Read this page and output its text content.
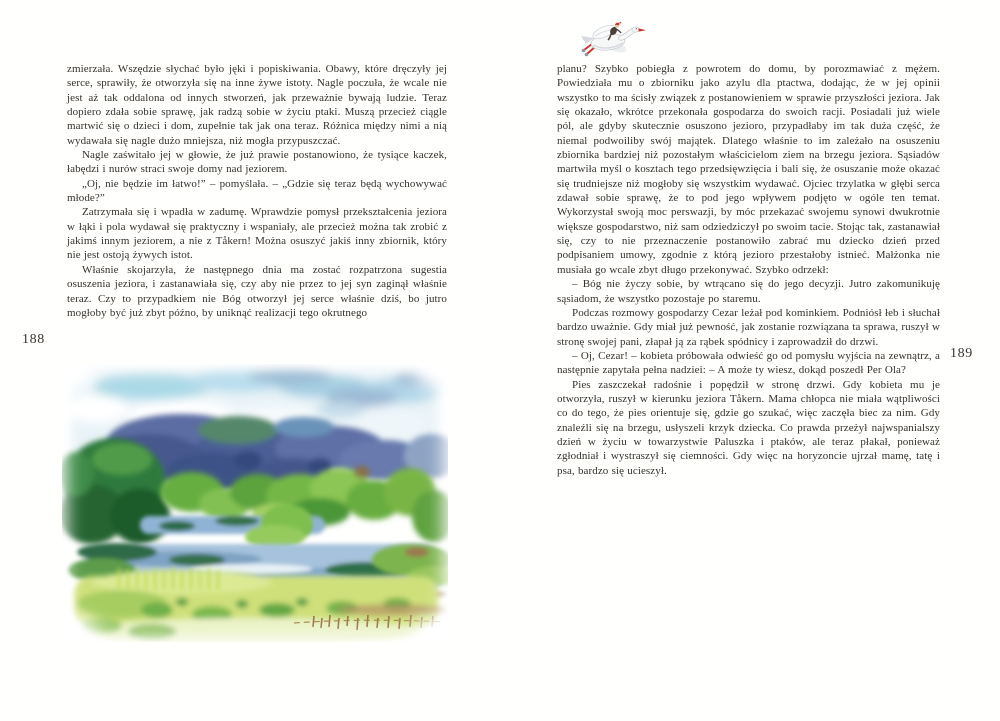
zmierzała. Wszędzie słychać było jęki i popiskiwania. Obawy, które dręczyły jej serce, sprawiły, że otworzyła się na inne żywe istoty. Nagle poczuła, że wcale nie jest aż tak oddalona od innych stworzeń, jak przeważnie bywają ludzie. Teraz dopiero zdała sobie sprawę, jak radzą sobie w życiu ptaki. Muszą przecież ciągle martwić się o dzieci i dom, zupełnie tak jak ona teraz. Różnica między nimi a nią wydawała się nagle dużo mniejsza, niż mogła przypuszczać.

Nagle zaświtało jej w głowie, że już prawie postanowiono, że tysiące kaczek, łabędzi i nurów straci swoje domy nad jeziorem.

„Oj, nie będzie im łatwo!” – pomyślała. – „Gdzie się teraz będą wychowywać młode?”

Zatrzymała się i wpadła w zadumę. Wprawdzie pomysł przekształcenia jeziora w łąki i pola wydawał się praktyczny i wspaniały, ale przecież można tak zrobić z jakimś innym jeziorem, a nie z Tåkern! Można osuszyć jakiś inny zbiornik, który nie jest ostoją żywych istot.

Właśnie skojarzyła, że następnego dnia ma zostać rozpatrzona sugestia osuszenia jeziora, i zastanawiała się, czy aby nie przez to jej syn zaginął właśnie teraz. Czy to przypadkiem nie Bóg otworzył jej serce właśnie dziś, bo jutro mogłoby być już zbyt późno, by uniknąć realizacji tego okrutnego

188

planu? Szybko pobiegła z powrotem do domu, by porozmawiać z mężem. Powiedziała mu o zbiorniku jako azylu dla ptactwa, dodając, że w jej opinii wszystko to ma ścisły związek z postanowieniem w sprawie przyszłości jeziora. Jak się okazało, wkrótce przekonała gospodarza do swoich racji. Posiadali już wiele pól, ale gdyby skutecznie osuszono jezioro, przypadłaby im tak duża część, że niemal podwoiliby swój majątek. Dlatego właśnie to im zależało na osuszeniu zbiornika bardziej niż pozostałym właścicielom ziem na brzegu jeziora. Sąsiadów martwiła myśl o kosztach tego przedsięwzięcia i bali się, że osuszanie może okazać się trudniejsze niż mogłoby się wszystkim wydawać. Ojciec trzylatka w głębi serca zdawał sobie sprawę, że to pod jego wpływem podjęto w ogóle ten temat. Wykorzystał swoją moc perswazji, by móc przekazać swojemu synowi dwukrotnie większe gospodarstwo, niż sam odziedziczył po swoim tacie. Stojąc tak, zastanawiał się, czy to nie przeznaczenie postanowiło zabrać mu dziecko dzień przed podpisaniem umowy, zgodnie z którą jezioro przestałoby istnieć. Małżonka nie musiała go wcale zbyt długo przekonywać. Szybko odrzekł:

– Bóg nie życzy sobie, by wtrącano się do jego decyzji. Jutro zakomunikuję sąsiadom, że wszystko pozostaje po staremu.

Podczas rozmowy gospodarzy Cezar leżał pod kominkiem. Podniósł łeb i słuchał bardzo uważnie. Gdy miał już pewność, jak zostanie rozwiązana ta sprawa, ruszył w stronę swojej pani, złapał ją za rąbek spódnicy i zaprowadził do drzwi.

– Oj, Cezar! – kobieta próbowała odwieść go od pomysłu wyjścia na zewnątrz, a następnie zapytała pełna nadziei: – A może ty wiesz, dokąd poszedł Per Ola?

Pies zaszczekał radośnie i popędził w stronę drzwi. Gdy kobieta mu je otworzyła, ruszył w kierunku jeziora Tåkern. Mama chłopca nie miała wątpliwości co do tego, że pies orientuje się, gdzie go szukać, więc zaczęła biec za nim. Gdy znaleźli się na brzegu, usłyszeli krzyk dziecka. Co prawda przeżył najwspanialszy dzień w życiu w towarzystwie Paluszka i ptaków, ale teraz płakał, ponieważ zgłodniał i wystraszył się ciemności. Gdy więc na horyzoncie ujrzał mamę, tatę i psa, bardzo się ucieszył.

189
